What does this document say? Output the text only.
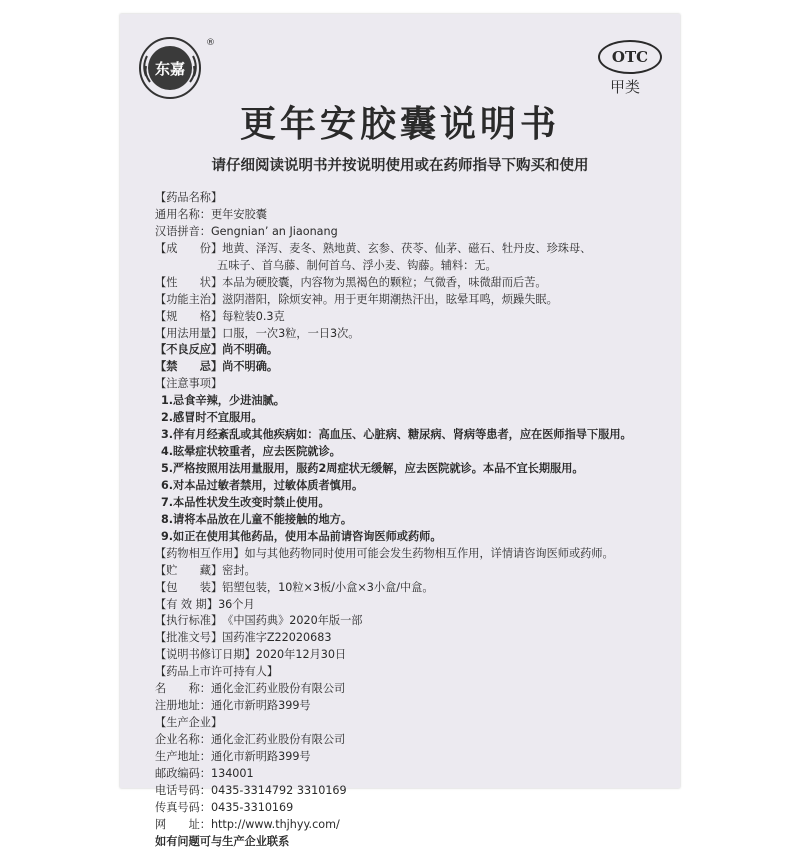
东嘉
®
OTC
甲类
更年安胶囊说明书
请仔细阅读说明书并按说明使用或在药师指导下购买和使用
【药品名称】
通用名称：更年安胶囊
汉语拼音：Gengnian’ an Jiaonang
【成　　份】地黄、泽泻、麦冬、熟地黄、玄参、茯苓、仙茅、磁石、牡丹皮、珍珠母、
五味子、首乌藤、制何首乌、浮小麦、钩藤。辅料：无。
【性　　状】本品为硬胶囊，内容物为黑褐色的颗粒；气微香，味微甜而后苦。
【功能主治】滋阴潜阳，除烦安神。用于更年期潮热汗出，眩晕耳鸣，烦躁失眠。
【规　　格】每粒装0.3克
【用法用量】口服，一次3粒，一日3次。
【不良反应】尚不明确。
【禁　　忌】尚不明确。
【注意事项】
1.忌食辛辣，少进油腻。
2.感冒时不宜服用。
3.伴有月经紊乱或其他疾病如：高血压、心脏病、糖尿病、肾病等患者，应在医师指导下服用。
4.眩晕症状较重者，应去医院就诊。
5.严格按照用法用量服用，服药2周症状无缓解，应去医院就诊。本品不宜长期服用。
6.对本品过敏者禁用，过敏体质者慎用。
7.本品性状发生改变时禁止使用。
8.请将本品放在儿童不能接触的地方。
9.如正在使用其他药品，使用本品前请咨询医师或药师。
【药物相互作用】如与其他药物同时使用可能会发生药物相互作用，详情请咨询医师或药师。
【贮　　藏】密封。
【包　　装】铝塑包装，10粒×3板/小盒×3小盒/中盒。
【有 效 期】36个月
【执行标准】《中国药典》2020年版一部
【批准文号】国药准字Z22020683
【说明书修订日期】2020年12月30日
【药品上市许可持有人】
名　　称：通化金汇药业股份有限公司
注册地址：通化市新明路399号
【生产企业】
企业名称：通化金汇药业股份有限公司
生产地址：通化市新明路399号
邮政编码：134001
电话号码：0435-3314792 3310169
传真号码：0435-3310169
网　　址：http://www.thjhyy.com/
如有问题可与生产企业联系
